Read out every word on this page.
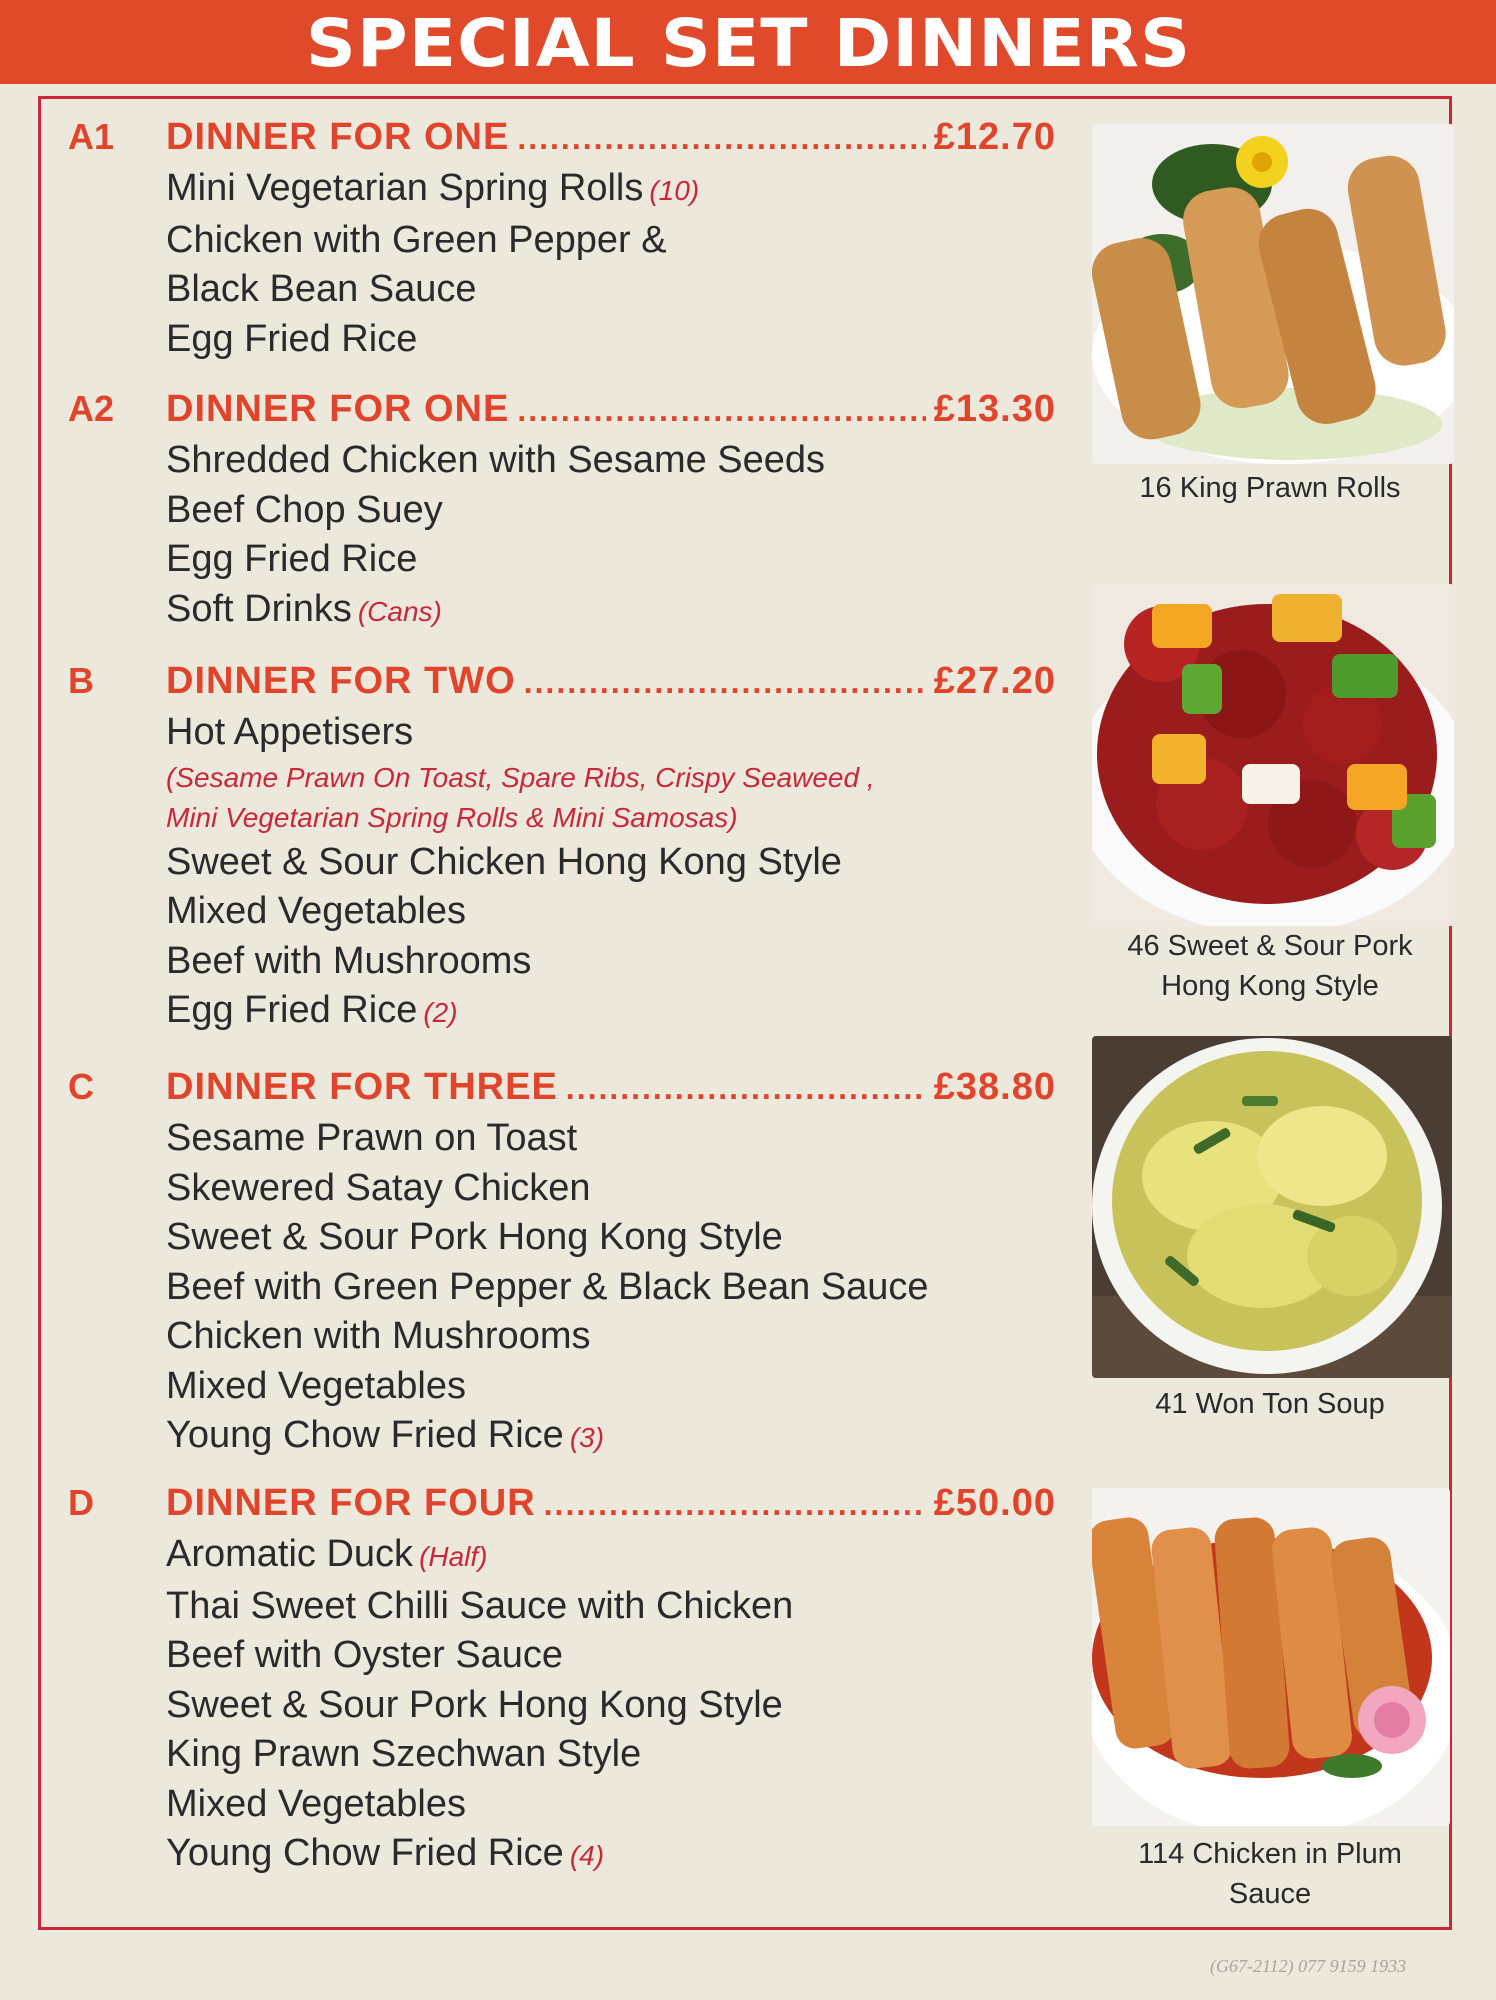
SPECIAL SET DINNERS
A1 DINNER FOR ONE .....	£12.70
Mini Vegetarian Spring Rolls (10)
Chicken with Green Pepper &
Black Bean Sauce
Egg Fried Rice
A2 DINNER FOR ONE .....	£13.30
Shredded Chicken with Sesame Seeds
Beef Chop Suey
Egg Fried Rice
Soft Drinks (Cans)
B DINNER FOR TWO .....	£27.20
Hot Appetisers
(Sesame Prawn On Toast, Spare Ribs, Crispy Seaweed ,
Mini Vegetarian Spring Rolls & Mini Samosas)
Sweet & Sour Chicken Hong Kong Style
Mixed Vegetables
Beef with Mushrooms
Egg Fried Rice (2)
C DINNER FOR THREE .....	£38.80
Sesame Prawn on Toast
Skewered Satay Chicken
Sweet & Sour Pork Hong Kong Style
Beef with Green Pepper & Black Bean Sauce
Chicken with Mushrooms
Mixed Vegetables
Young Chow Fried Rice (3)
D DINNER FOR FOUR .....	£50.00
Aromatic Duck (Half)
Thai Sweet Chilli Sauce with Chicken
Beef with Oyster Sauce
Sweet & Sour Pork Hong Kong Style
King Prawn Szechwan Style
Mixed Vegetables
Young Chow Fried Rice (4)
16 King Prawn Rolls
46 Sweet & Sour Pork
Hong Kong Style
41 Won Ton Soup
114 Chicken in Plum
Sauce
(G67-2112) 077 9159 1933
